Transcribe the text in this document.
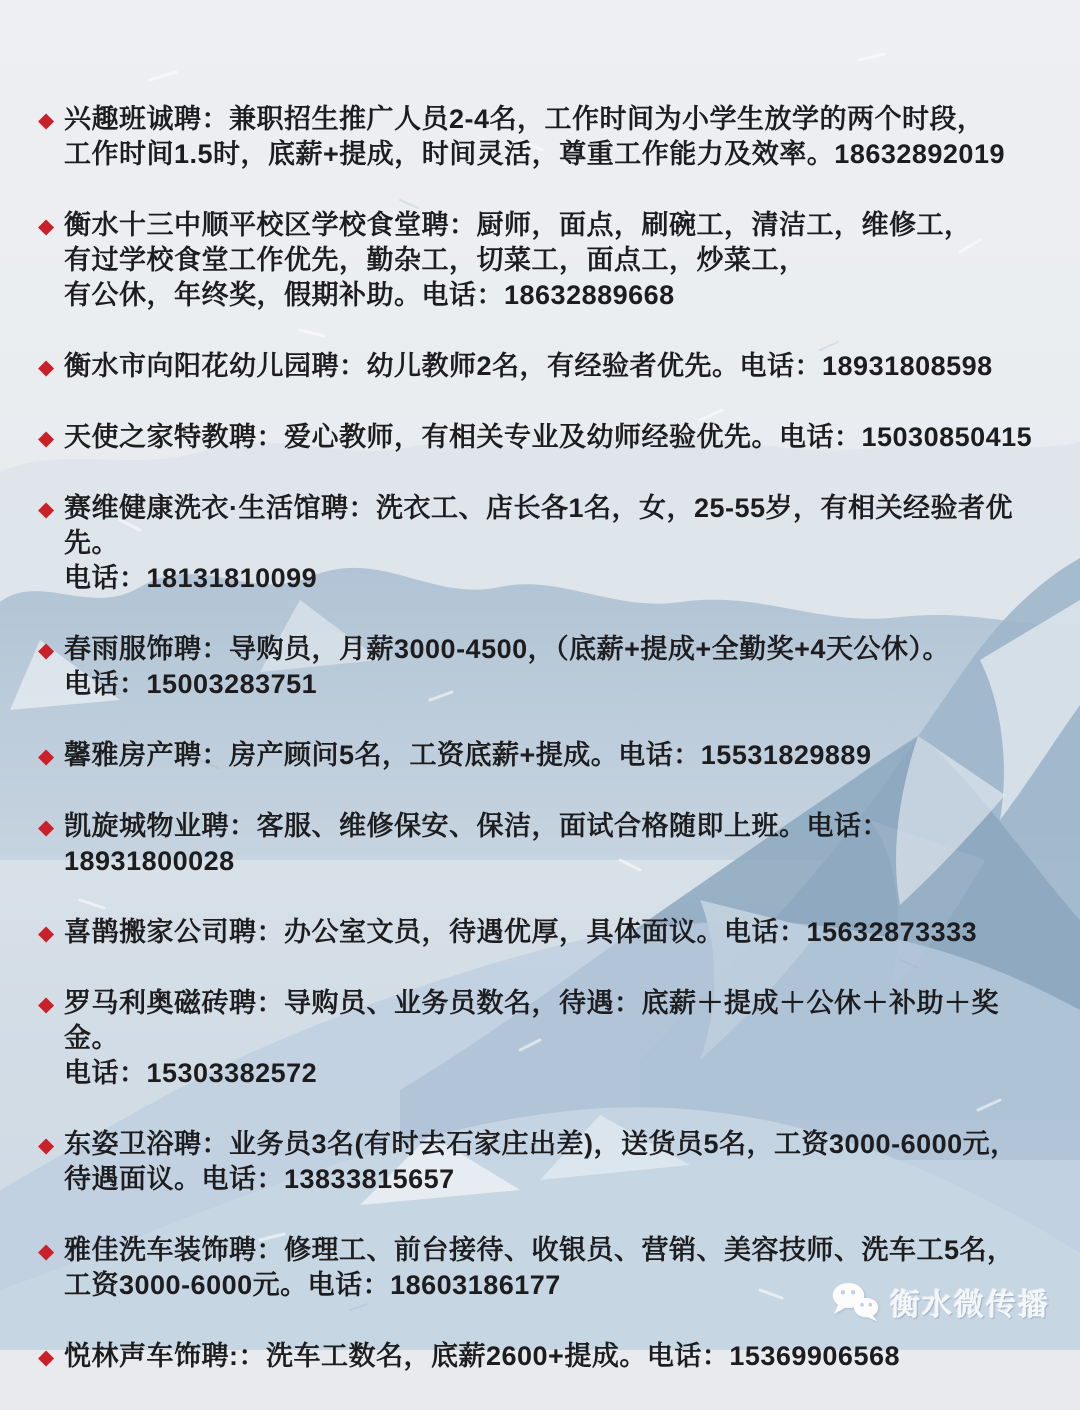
◆ 兴趣班诚聘：兼职招生推广人员2-4名，工作时间为小学生放学的两个时段，
工作时间1.5时，底薪+提成，时间灵活，尊重工作能力及效率。18632892019
◆ 衡水十三中顺平校区学校食堂聘：厨师，面点，刷碗工，清洁工，维修工，
有过学校食堂工作优先，勤杂工，切菜工，面点工，炒菜工，
有公休，年终奖，假期补助。电话：18632889668
◆ 衡水市向阳花幼儿园聘：幼儿教师2名，有经验者优先。电话：18931808598
◆ 天使之家特教聘：爱心教师，有相关专业及幼师经验优先。电话：15030850415
◆ 赛维健康洗衣·生活馆聘：洗衣工、店长各1名，女，25-55岁，有相关经验者优先。
电话：18131810099
◆ 春雨服饰聘：导购员，月薪3000-4500，（底薪+提成+全勤奖+4天公休）。
电话：15003283751
◆ 馨雅房产聘：房产顾问5名，工资底薪+提成。电话：15531829889
◆ 凯旋城物业聘：客服、维修保安、保洁，面试合格随即上班。电话：18931800028
◆ 喜鹊搬家公司聘：办公室文员，待遇优厚，具体面议。电话：15632873333
◆ 罗马利奥磁砖聘：导购员、业务员数名，待遇：底薪＋提成＋公休＋补助＋奖金。
电话：15303382572
◆ 东姿卫浴聘：业务员3名(有时去石家庄出差)，送货员5名，工资3000-6000元，
待遇面议。电话：13833815657
◆ 雅佳洗车装饰聘：修理工、前台接待、收银员、营销、美容技师、洗车工5名，
工资3000-6000元。电话：18603186177
◆ 悦林声车饰聘:：洗车工数名，底薪2600+提成。电话：15369906568
衡水微传播
